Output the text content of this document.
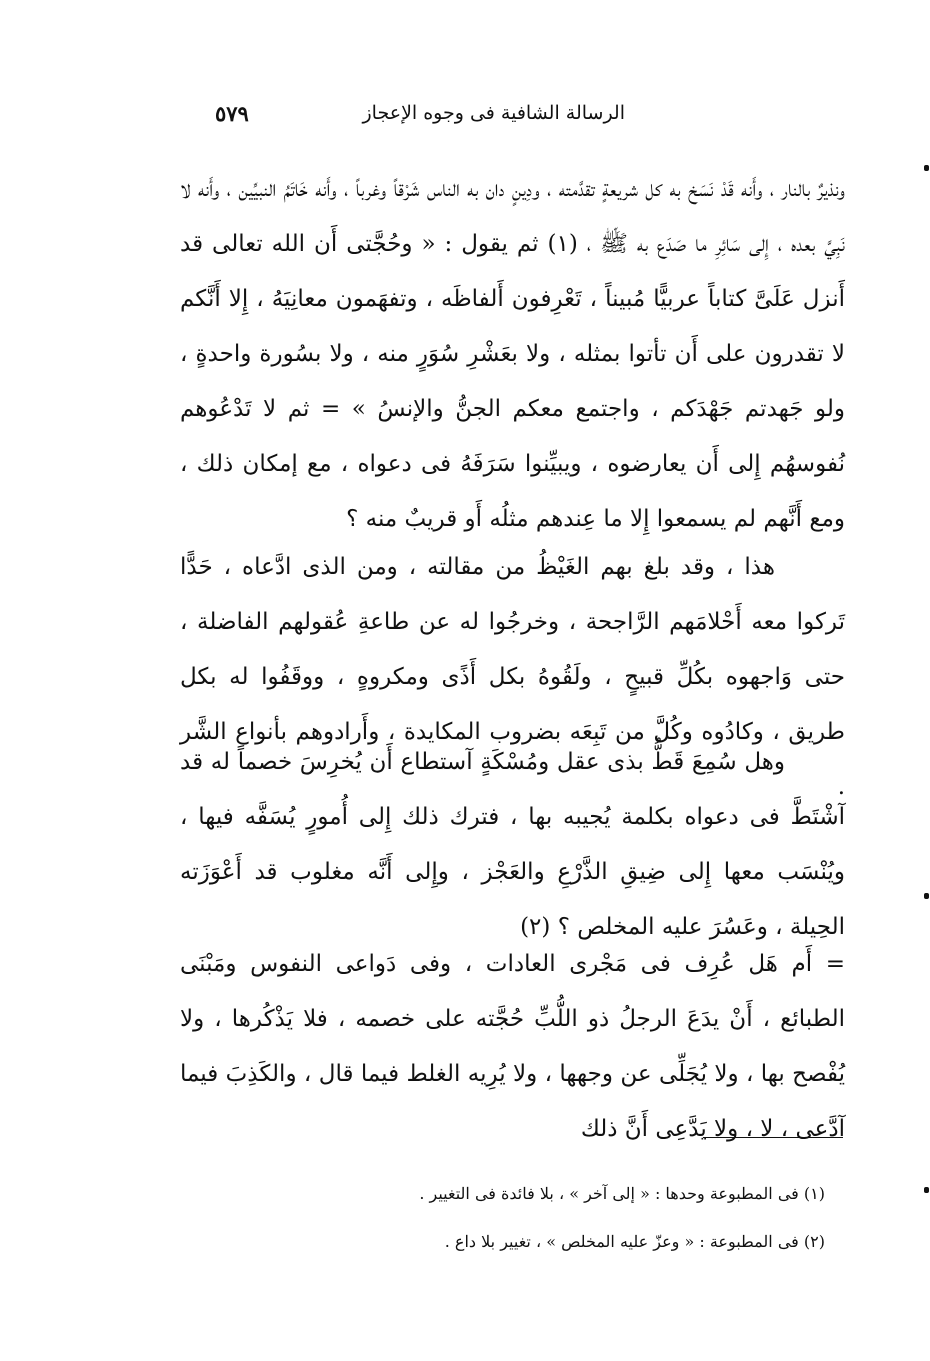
الرسالة الشافية فى وجوه الإعجاز
٥٧٩

ونذيرٌ بالنار ، وأَنه قَدْ نَسَخ به كل شريعةٍ تقدَّمته ، ودِينٍ دان به الناس شَرْقاً وغرباً ، وأَنه خَاتَمُ النبيِّين ، وأَنه لا نَبِيَّ بعده ، إِلى سَائِرِ ما صَدَع به ﷺ ، (١) ثم يقول : « وحُجَّتى أَن الله تعالى قد أَنزل عَلَىَّ كتاباً عربيًّا مُبيناً ، تَعْرِفون أَلفاظَه ، وتفهَمون معانِيَهُ ، إِلا أَنَّكم لا تقدرون على أَن تأتوا بمثله ، ولا بعَشْرِ سُوَرٍ منه ، ولا بسُورة واحدةٍ ، ولو جَهدتم جَهْدَكم ، واجتمع معكم الجنُّ والإنسُ » = ثم لا تَدْعُوهم نُفوسهُم إِلى أَن يعارضوه ، ويبيِّنوا سَرَفَهُ فى دعواه ، مع إمكان ذلك ، ومع أَنَّهم لم يسمعوا إِلا ما عِندهم مثلُه أَو قريبٌ منه ؟

هذا ، وقد بلغ بهم الغَيْظُ من مقالته ، ومن الذى ادَّعاه ، حَدًّا تَركوا معه أَحْلامَهم الرَّاجحة ، وخرجُوا له عن طاعةِ عُقولهم الفاضلة ، حتى وَاجهوه بكُلِّ قبيحٍ ، ولَقُوهُ بكل أَذًى ومكروهٍ ، ووقَفُوا له بكل طريق ، وكادُوه وكُلَّ من تَبِعَه بضروب المكايدة ، وأَرادوهم بأنواع الشَّر .

وهل سُمِعَ قَطُّ بذى عقل ومُسْكَةٍ آستطاع أَن يُخرِسَ خصماً له قد آشْتَطَّ فى دعواه بكلمة يُجيبه بها ، فترك ذلك إِلى أُمورٍ يُسَفَّه فيها ، ويُنْسَب معها إِلى ضِيقِ الذَّرْعِ والعَجْز ، وإِلى أَنَّه مغلوب قد أَعْوَزَته الحِيلة ، وعَسُرَ عليه المخلص ؟ (٢)

= أَم هَل عُرِف فى مَجْرى العادات ، وفى دَواعى النفوس ومَبْنَى الطبائع ، أَنْ يدَعَ الرجلُ ذو اللُّبِّ حُجَّته على خصمه ، فلا يَذْكُرها ، ولا يُفْصح بها ، ولا يُجَلِّى عن وجهها ، ولا يُرِيه الغلط فيما قال ، والكَذِبَ فيما آدَّعى ، لا ، ولا يَدَّعِى أَنَّ ذلك

(١) فى المطبوعة وحدها : « إلى آخر » ، بلا فائدة فى التغيير .
(٢) فى المطبوعة : « وعزّ عليه المخلص » ، تغيير بلا داع .
